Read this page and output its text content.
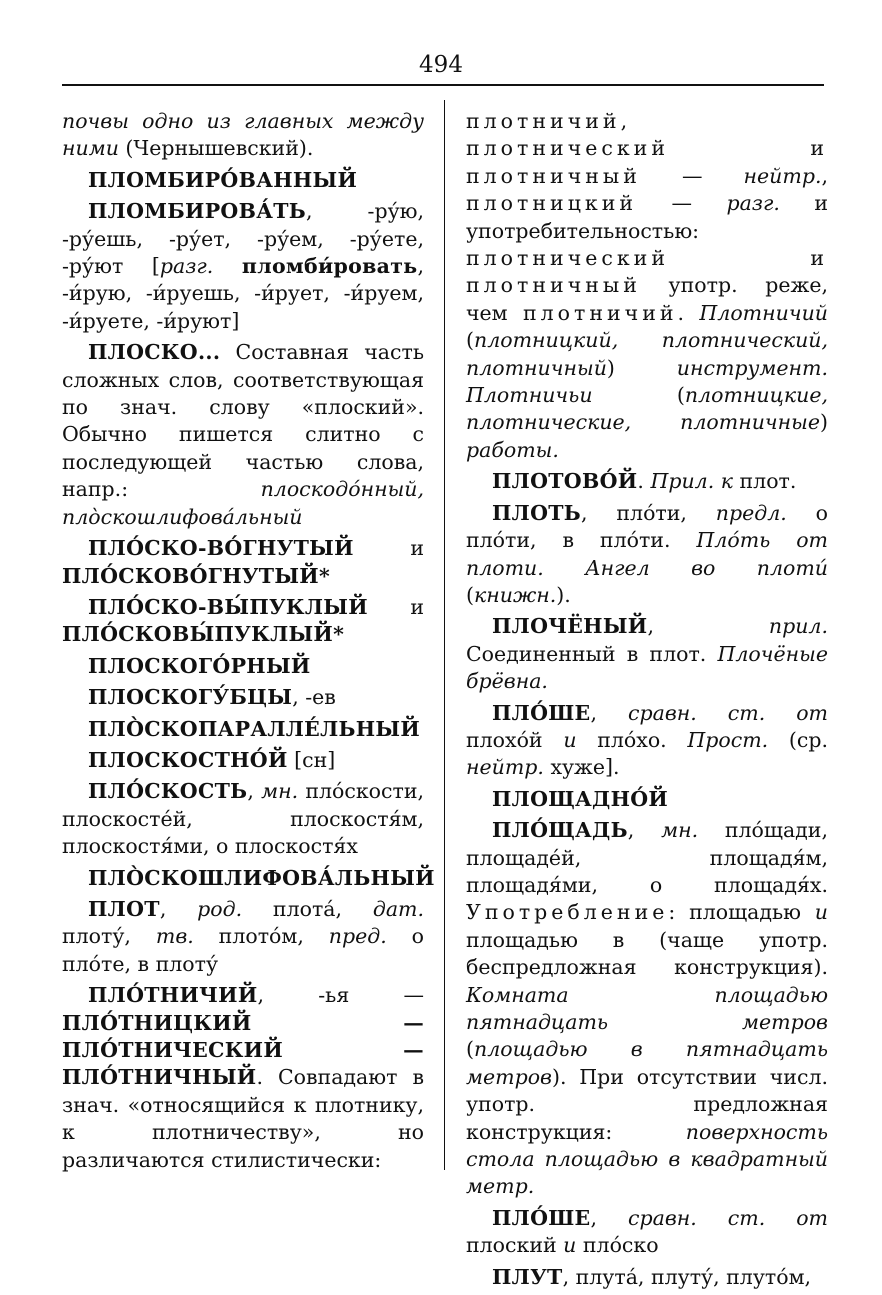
494

почвы одно из главных между ними (Чернышевский).

ПЛОМБИРО́ВАННЫЙ

ПЛОМБИРОВА́ТЬ, -ру́ю, -ру́ешь, -ру́ет, -ру́ем, -ру́ете, -ру́ют [разг. пломби́ровать, -и́рую, -и́руешь, -и́рует, -и́руем, -и́руете, -и́руют]

ПЛОСКО... Составная часть сложных слов, соответствующая по знач. слову «плоский». Обычно пишется слитно с последующей частью слова, напр.: плоскодо́нный, пло̀скошлифова́льный

ПЛО́СКО-ВО́ГНУТЫЙ и ПЛО́СКОВО́ГНУТЫЙ*

ПЛО́СКО-ВЫ́ПУКЛЫЙ и ПЛО́СКОВЫ́ПУКЛЫЙ*

ПЛОСКОГО́РНЫЙ

ПЛОСКОГУ́БЦЫ, -ев

ПЛО̀СКОПАРАЛЛЕ́ЛЬНЫЙ

ПЛОСКОСТНО́Й [сн]

ПЛО́СКОСТЬ, мн. пло́скости, плоскосте́й, плоскостя́м, плоскостя́ми, о плоскостя́х

ПЛО̀СКОШЛИФОВА́ЛЬНЫЙ

ПЛОТ, род. плота́, дат. плоту́, тв. плото́м, пред. о пло́те, в плоту́

ПЛО́ТНИЧИЙ, -ья — ПЛО́ТНИЦКИЙ — ПЛО́ТНИЧЕСКИЙ — ПЛО́ТНИЧНЫЙ. Совпадают в знач. «относящийся к плотнику, к плотничеству», но различаются стилистически:

плотничий, плотнический и плотничный — нейтр., плотницкий — разг. и употребительностью: плотнический и плотничный употр. реже, чем плотничий. Плотничий (плотницкий, плотнический, плотничный) инструмент. Плотничьи (плотницкие, плотнические, плотничные) работы.

ПЛОТОВО́Й. Прил. к плот.

ПЛОТЬ, пло́ти, предл. о пло́ти, в пло́ти. Пло́ть от плоти. Ангел во плоти́ (книжн.).

ПЛОЧЁНЫЙ, прил. Соединенный в плот. Плочёные брёвна.

ПЛО́ШЕ, сравн. ст. от плохо́й и пло́хо. Прост. (ср. нейтр. хуже].

ПЛОЩАДНО́Й

ПЛО́ЩАДЬ, мн. пло́щади, площаде́й, площадя́м, площадя́ми, о площадя́х. Употребление: площадью и площадью в (чаще употр. беспредложная конструкция). Комната площадью пятнадцать метров (площадью в пятнадцать метров). При отсутствии числ. употр. предложная конструкция: поверхность стола площадью в квадратный метр.

ПЛО́ШЕ, сравн. ст. от плоский и пло́ско

ПЛУТ, плута́, плуту́, плуто́м,
